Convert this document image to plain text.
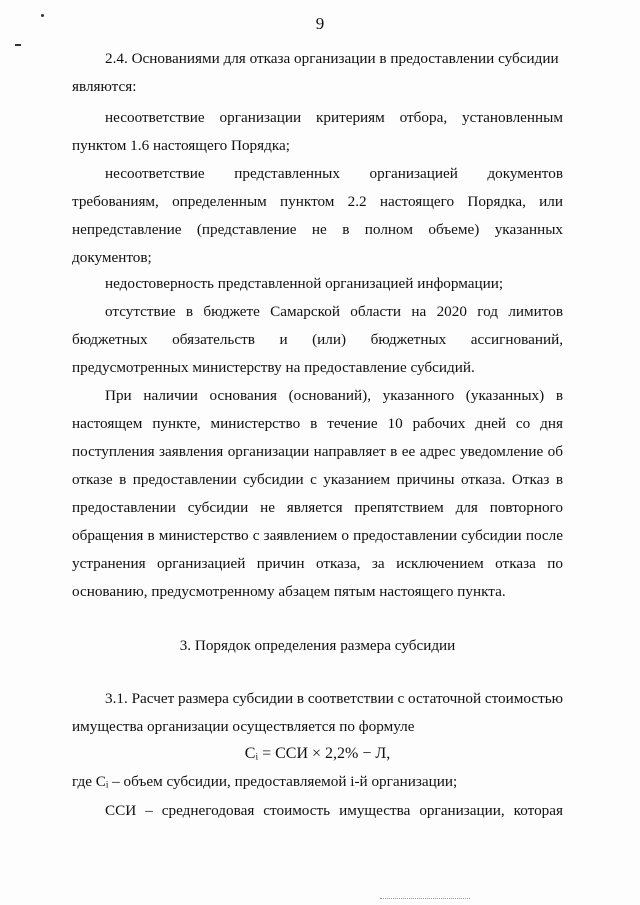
9
2.4. Основаниями для отказа организации в предоставлении субсидии
являются:
несоответствие организации критериям отбора, установленным
пунктом 1.6 настоящего Порядка;
несоответствие представленных организацией документов
требованиям, определенным пунктом 2.2 настоящего Порядка, или
непредставление (представление не в полном объеме) указанных
документов;
недостоверность представленной организацией информации;
отсутствие в бюджете Самарской области на 2020 год лимитов
бюджетных обязательств и (или) бюджетных ассигнований,
предусмотренных министерству на предоставление субсидий.
При наличии основания (оснований), указанного (указанных) в
настоящем пункте, министерство в течение 10 рабочих дней со дня
поступления заявления организации направляет в ее адрес уведомление об
отказе в предоставлении субсидии с указанием причины отказа. Отказ в
предоставлении субсидии не является препятствием для повторного
обращения в министерство с заявлением о предоставлении субсидии после
устранения организацией причин отказа, за исключением отказа по
основанию, предусмотренному абзацем пятым настоящего пункта.
3. Порядок определения размера субсидии
3.1. Расчет размера субсидии в соответствии с остаточной стоимостью
имущества организации осуществляется по формуле
Cᵢ = ССИ × 2,2% − Л,
где Cᵢ – объем субсидии, предоставляемой i-й организации;
ССИ – среднегодовая стоимость имущества организации, которая
